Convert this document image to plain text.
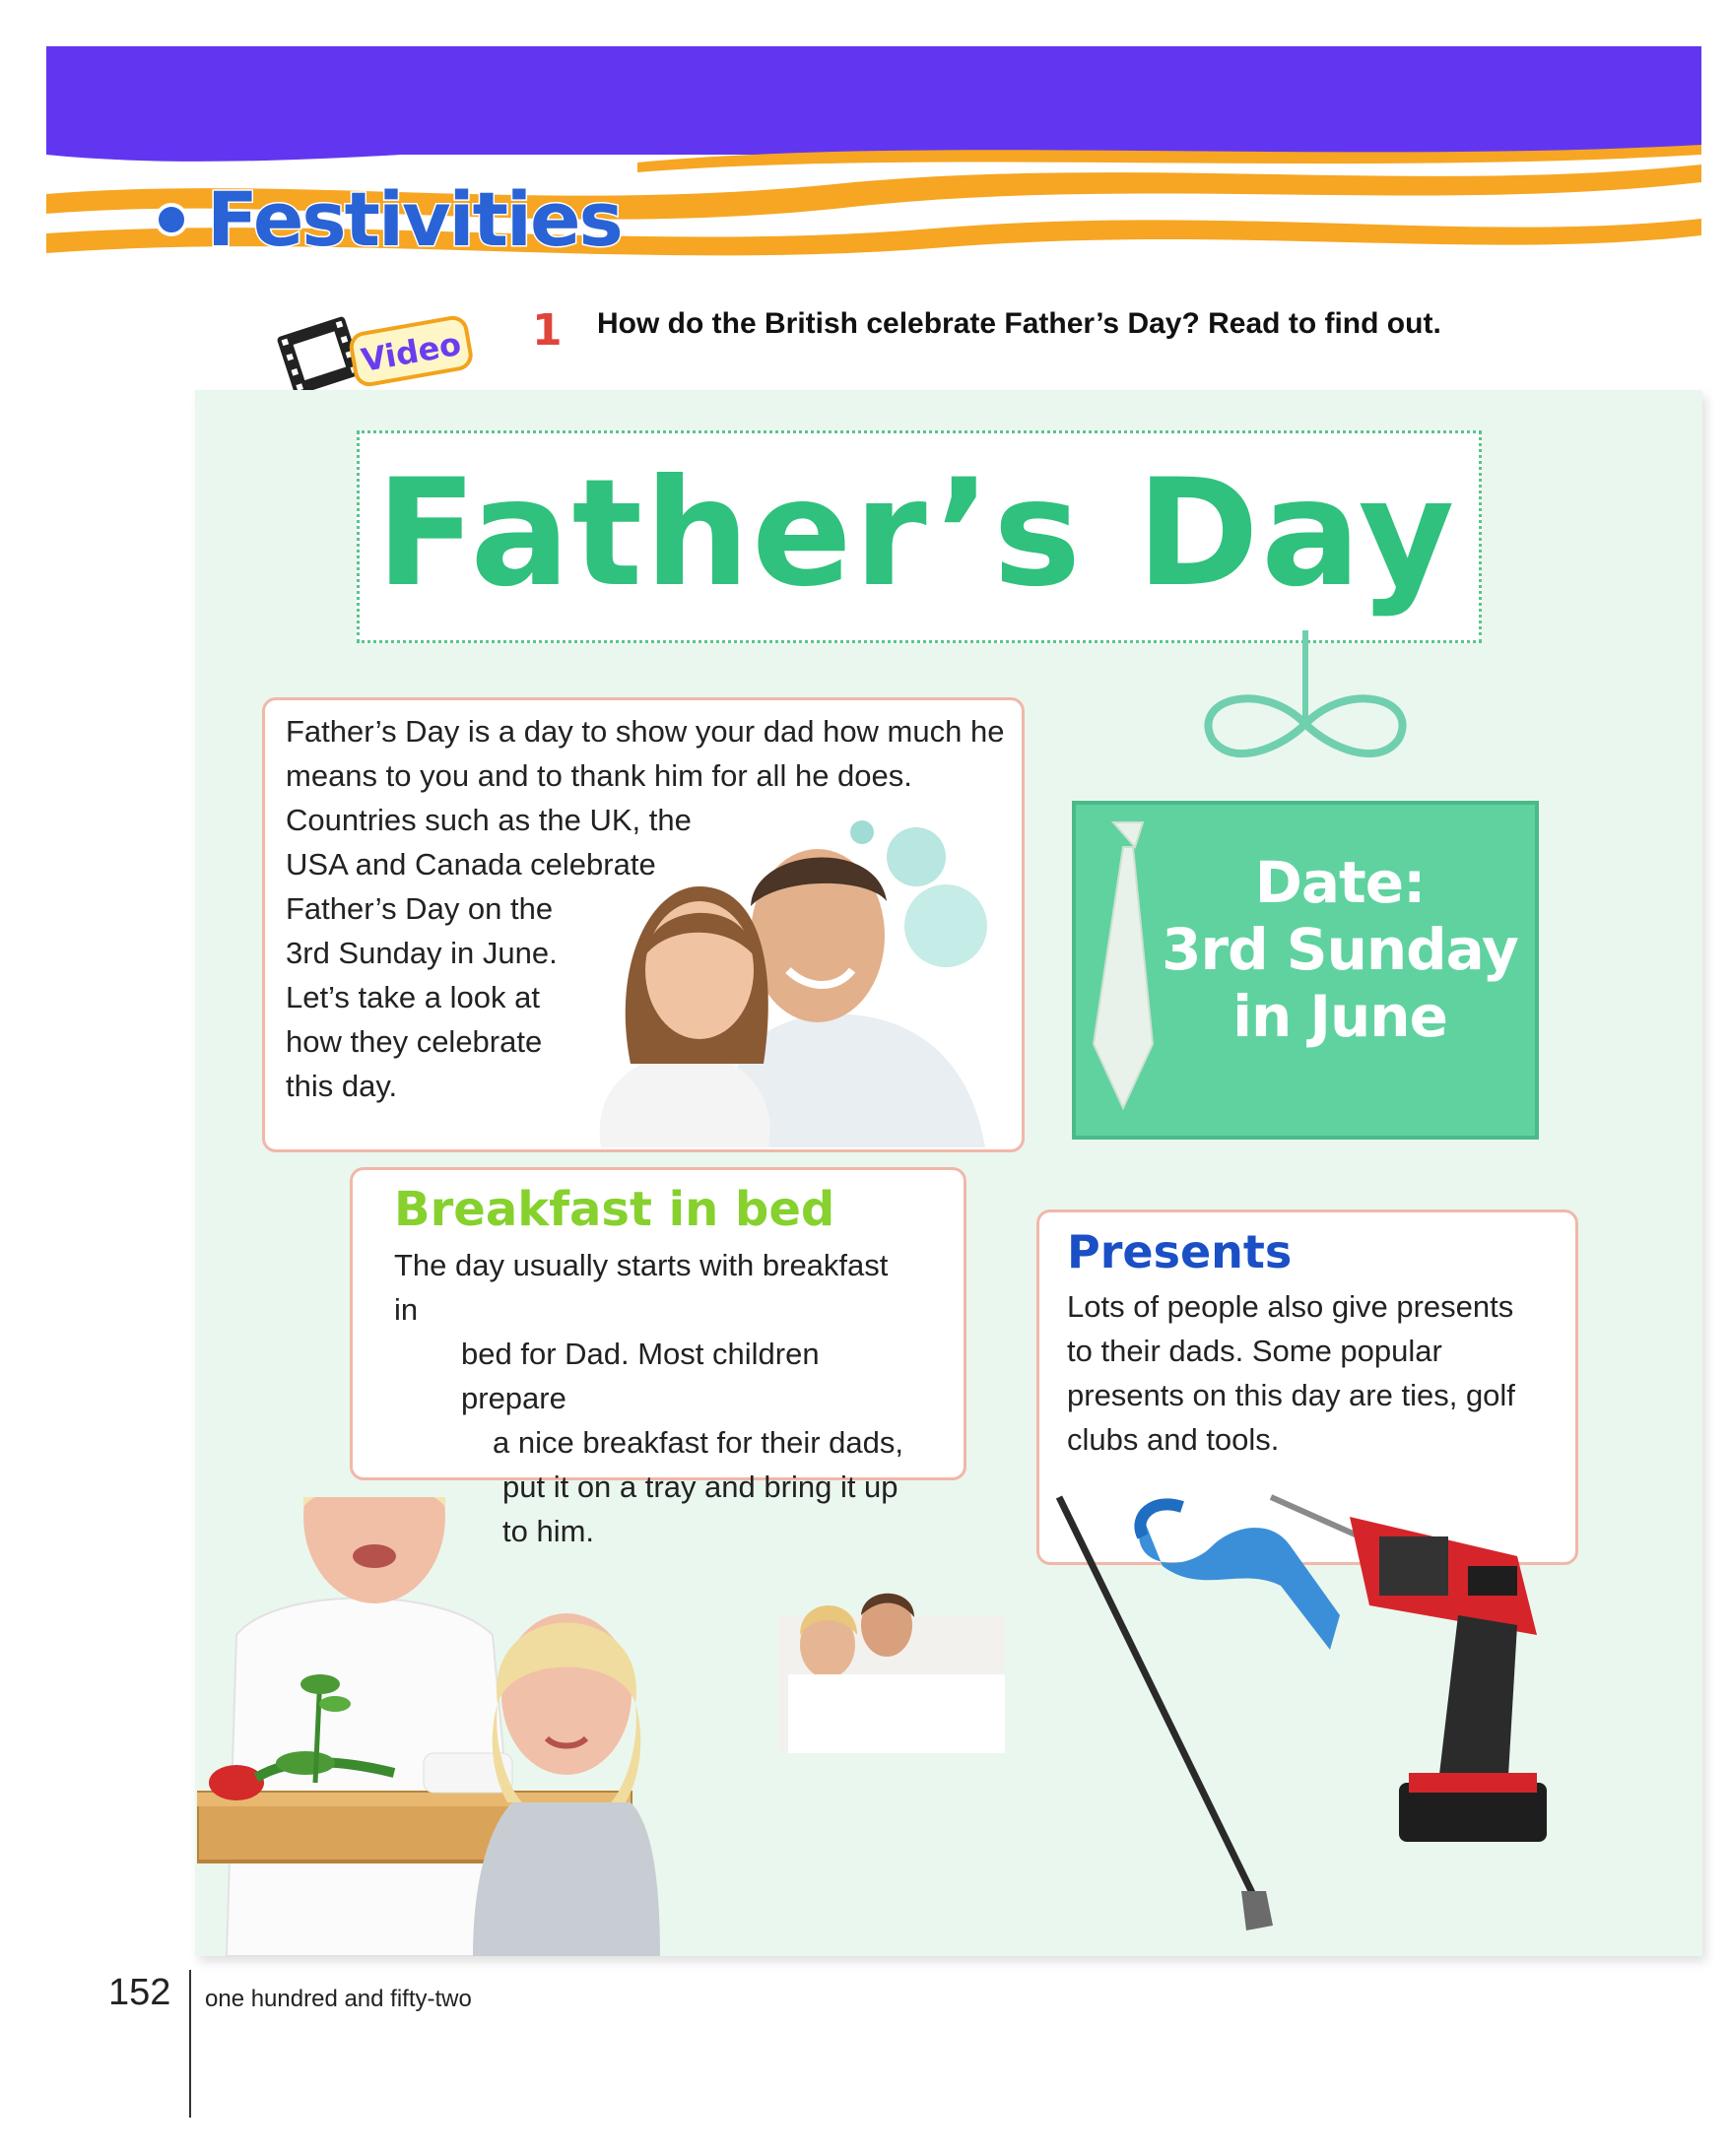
Festivities
Video 1 How do the British celebrate Father’s Day? Read to find out.
Father’s Day

Father’s Day is a day to show your dad how much he

means to you and to thank him for all he does.

Countries such as the UK, the

USA and Canada celebrate

Father’s Day on the

3rd Sunday in June.

Let’s take a look at

how they celebrate

this day.

Date:
3rd Sunday
in June
Breakfast in bed

The day usually starts with breakfast in

bed for Dad. Most children prepare

a nice breakfast for their dads,

put it on a tray and bring it up

to him.

Presents

Lots of people also give presents

to their dads. Some popular

presents on this day are ties, golf

clubs and tools.

152 one hundred and fifty-two
